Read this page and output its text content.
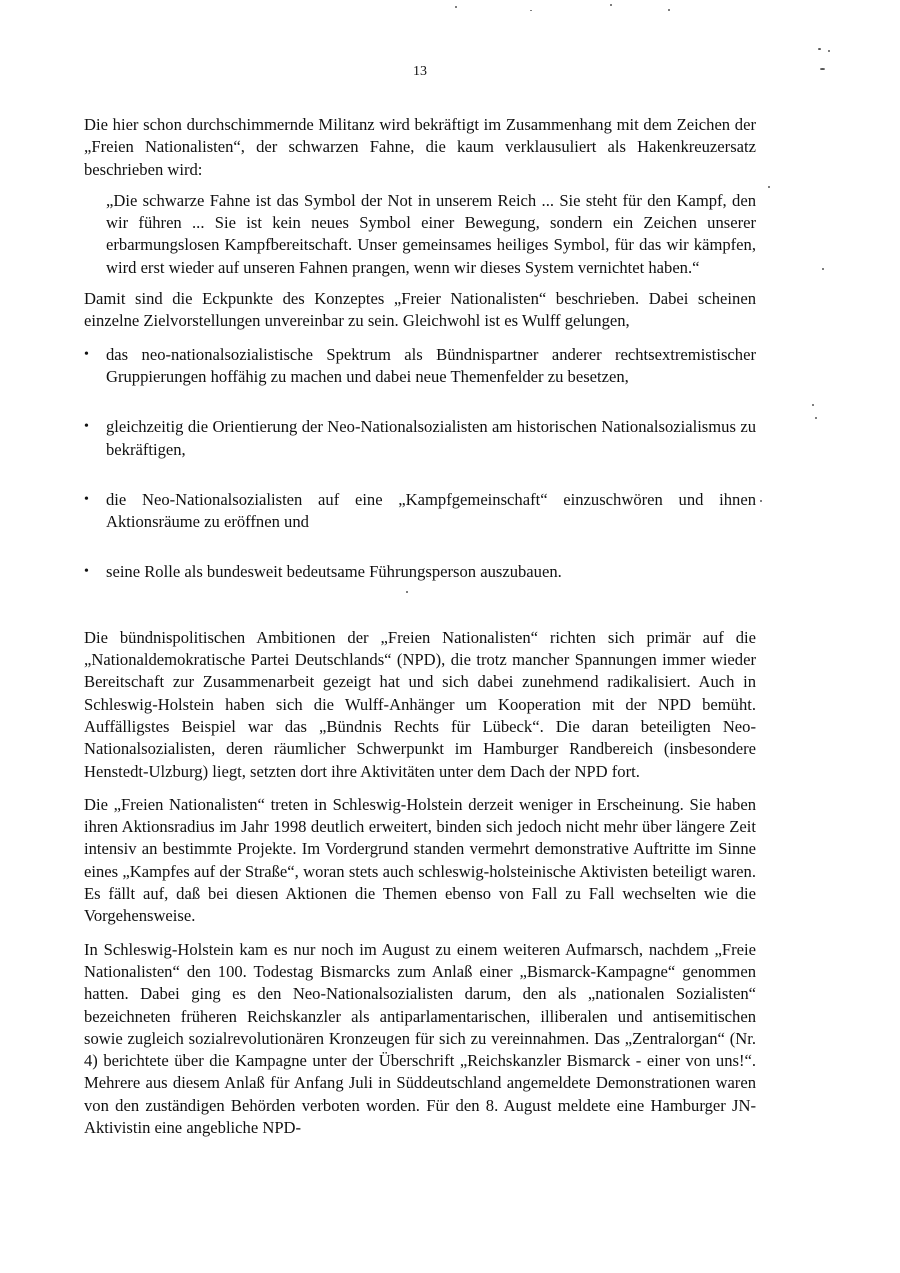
13

Die hier schon durchschimmernde Militanz wird bekräftigt im Zusammenhang mit dem Zeichen der „Freien Nationalisten“, der schwarzen Fahne, die kaum verklausuliert als Hakenkreuzersatz beschrieben wird:

„Die schwarze Fahne ist das Symbol der Not in unserem Reich ... Sie steht für den Kampf, den wir führen ... Sie ist kein neues Symbol einer Bewegung, sondern ein Zeichen unserer erbarmungslosen Kampfbereitschaft. Unser gemeinsames heiliges Symbol, für das wir kämpfen, wird erst wieder auf unseren Fahnen prangen, wenn wir dieses System vernichtet haben.“

Damit sind die Eckpunkte des Konzeptes „Freier Nationalisten“ beschrieben. Dabei scheinen einzelne Zielvorstellungen unvereinbar zu sein. Gleichwohl ist es Wulff gelungen,

• das neo-nationalsozialistische Spektrum als Bündnispartner anderer rechtsextremistischer Gruppierungen hoffähig zu machen und dabei neue Themenfelder zu besetzen,
• gleichzeitig die Orientierung der Neo-Nationalsozialisten am historischen Nationalsozialismus zu bekräftigen,
• die Neo-Nationalsozialisten auf eine „Kampfgemeinschaft“ einzuschwören und ihnen Aktionsräume zu eröffnen und
• seine Rolle als bundesweit bedeutsame Führungsperson auszubauen.

Die bündnispolitischen Ambitionen der „Freien Nationalisten“ richten sich primär auf die „Nationaldemokratische Partei Deutschlands“ (NPD), die trotz mancher Spannungen immer wieder Bereitschaft zur Zusammenarbeit gezeigt hat und sich dabei zunehmend radikalisiert. Auch in Schleswig-Holstein haben sich die Wulff-Anhänger um Kooperation mit der NPD bemüht. Auffälligstes Beispiel war das „Bündnis Rechts für Lübeck“. Die daran beteiligten Neo-Nationalsozialisten, deren räumlicher Schwerpunkt im Hamburger Randbereich (insbesondere Henstedt-Ulzburg) liegt, setzten dort ihre Aktivitäten unter dem Dach der NPD fort.

Die „Freien Nationalisten“ treten in Schleswig-Holstein derzeit weniger in Erscheinung. Sie haben ihren Aktionsradius im Jahr 1998 deutlich erweitert, binden sich jedoch nicht mehr über längere Zeit intensiv an bestimmte Projekte. Im Vordergrund standen vermehrt demonstrative Auftritte im Sinne eines „Kampfes auf der Straße“, woran stets auch schleswig-holsteinische Aktivisten beteiligt waren. Es fällt auf, daß bei diesen Aktionen die Themen ebenso von Fall zu Fall wechselten wie die Vorgehensweise.

In Schleswig-Holstein kam es nur noch im August zu einem weiteren Aufmarsch, nachdem „Freie Nationalisten“ den 100. Todestag Bismarcks zum Anlaß einer „Bismarck-Kampagne“ genommen hatten. Dabei ging es den Neo-Nationalsozialisten darum, den als „nationalen Sozialisten“ bezeichneten früheren Reichskanzler als antiparlamentarischen, illiberalen und antisemitischen sowie zugleich sozialrevolutionären Kronzeugen für sich zu vereinnahmen. Das „Zentralorgan“ (Nr. 4) berichtete über die Kampagne unter der Überschrift „Reichskanzler Bismarck - einer von uns!“. Mehrere aus diesem Anlaß für Anfang Juli in Süddeutschland angemeldete Demonstrationen waren von den zuständigen Behörden verboten worden. Für den 8. August meldete eine Hamburger JN-Aktivistin eine angebliche NPD-
